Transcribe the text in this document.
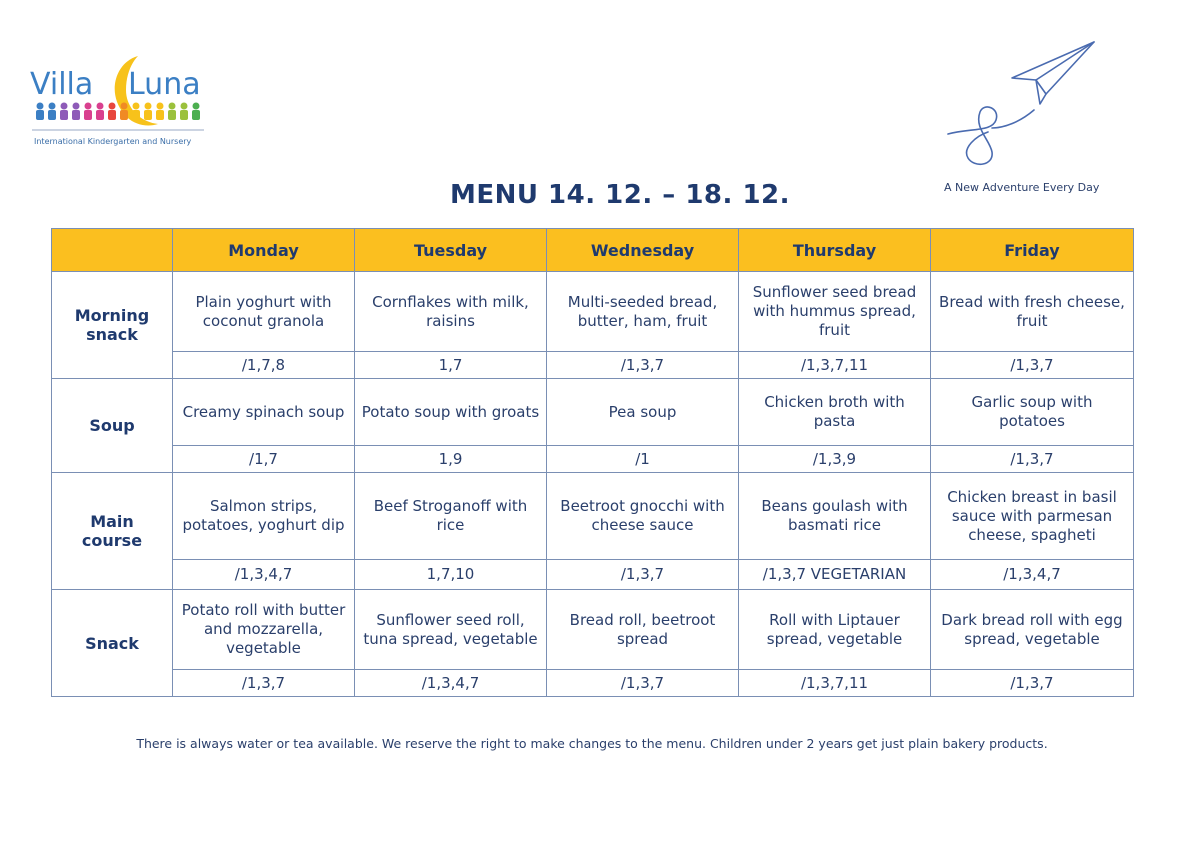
Villa Luna
International Kindergarten and Nursery
A New Adventure Every Day
MENU 14. 12. – 18. 12.
	Monday	Tuesday	Wednesday	Thursday	Friday
Morning snack	Plain yoghurt with coconut granola	Cornflakes with milk, raisins	Multi-seeded bread, butter, ham, fruit	Sunflower seed bread with hummus spread, fruit	Bread with fresh cheese, fruit
	/1,7,8	1,7	/1,3,7	/1,3,7,11	/1,3,7
Soup	Creamy spinach soup	Potato soup with groats	Pea soup	Chicken broth with pasta	Garlic soup with potatoes
	/1,7	1,9	/1	/1,3,9	/1,3,7
Main course	Salmon strips, potatoes, yoghurt dip	Beef Stroganoff with rice	Beetroot gnocchi with cheese sauce	Beans goulash with basmati rice	Chicken breast in basil sauce with parmesan cheese, spagheti
	/1,3,4,7	1,7,10	/1,3,7	/1,3,7 VEGETARIAN	/1,3,4,7
Snack	Potato roll with butter and mozzarella, vegetable	Sunflower seed roll, tuna spread, vegetable	Bread roll, beetroot spread	Roll with Liptauer spread, vegetable	Dark bread roll with egg spread, vegetable
	/1,3,7	/1,3,4,7	/1,3,7	/1,3,7,11	/1,3,7
There is always water or tea available. We reserve the right to make changes to the menu. Children under 2 years get just plain bakery products.
